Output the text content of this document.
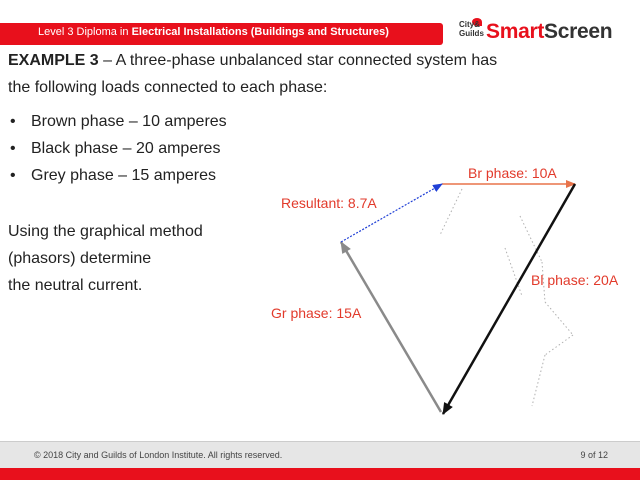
Level 3 Diploma in Electrical Installations (Buildings and Structures)
City&
Guilds SmartScreen
EXAMPLE 3 – A three-phase unbalanced star connected system has
the following loads connected to each phase:
• Brown phase – 10 amperes
• Black phase – 20 amperes
• Grey phase – 15 amperes
Using the graphical method
(phasors) determine
the neutral current.
Br phase: 10A
Bl phase: 20A
Gr phase: 15A
Resultant: 8.7A
© 2018 City and Guilds of London Institute. All rights reserved.	9 of 12
